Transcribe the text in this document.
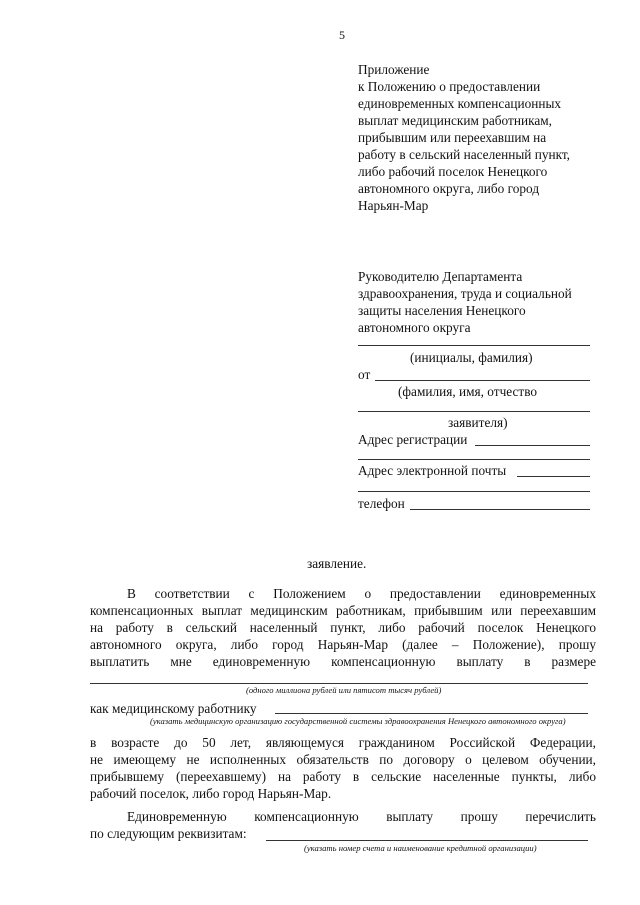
5
Приложение
к Положению о предоставлении
единовременных компенсационных
выплат медицинским работникам,
прибывшим или переехавшим на
работу в сельский населенный пункт,
либо рабочий поселок Ненецкого
автономного округа, либо город
Нарьян-Мар
Руководителю Департамента
здравоохранения, труда и социальной
защиты населения Ненецкого
автономного округа
(инициалы, фамилия)
от
(фамилия, имя, отчество
заявителя)
Адрес регистрации
Адрес электронной почты
телефон
заявление.
В соответствии с Положением о предоставлении единовременных
компенсационных выплат медицинским работникам, прибывшим или переехавшим
на работу в сельский населенный пункт, либо рабочий поселок Ненецкого
автономного округа, либо город Нарьян-Мар (далее – Положение), прошу
выплатить мне единовременную компенсационную выплату в размере
(одного миллиона рублей или пятисот тысяч рублей)
как медицинскому работнику
(указать медицинскую организацию государственной системы здравоохранения Ненецкого автономного округа)
в возрасте до 50 лет, являющемуся гражданином Российской Федерации,
не имеющему не исполненных обязательств по договору о целевом обучении,
прибывшему (переехавшему) на работу в сельские населенные пункты, либо
рабочий поселок, либо город Нарьян-Мар.
Единовременную компенсационную выплату прошу перечислить
по следующим реквизитам:
(указать номер счета и наименование кредитной организации)
